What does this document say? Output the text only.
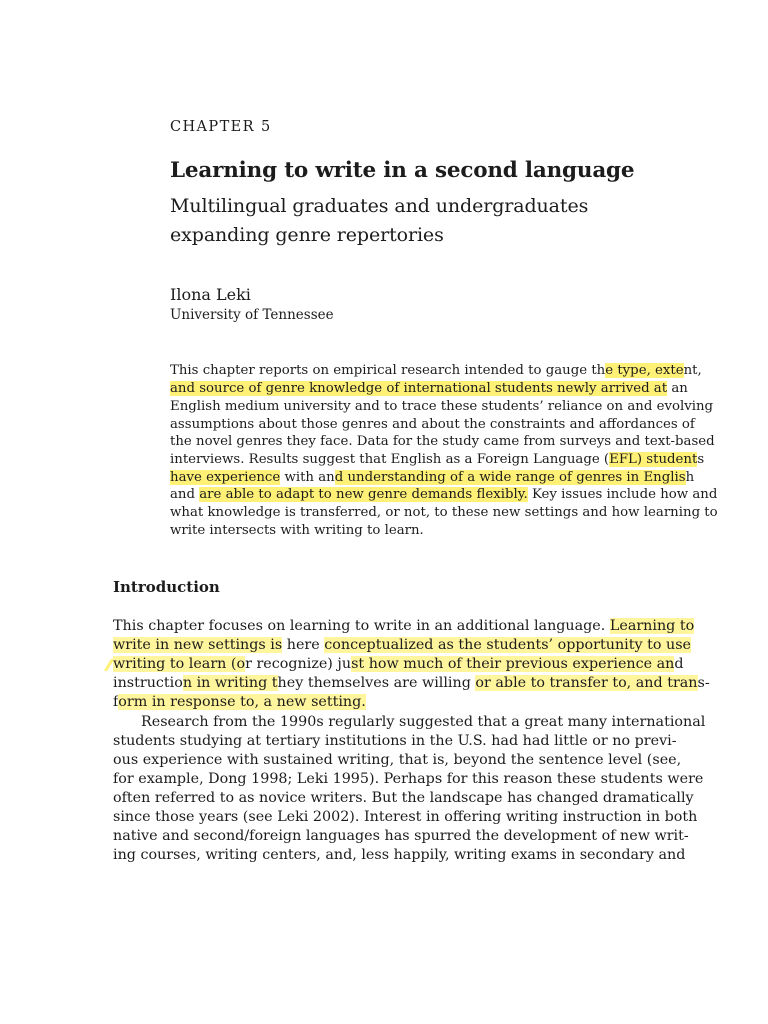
CHAPTER 5
Learning to write in a second language
Multilingual graduates and undergraduates
expanding genre repertories
Ilona Leki
University of Tennessee
This chapter reports on empirical research intended to gauge the type, extent,
and source of genre knowledge of international students newly arrived at an
English medium university and to trace these students’ reliance on and evolving
assumptions about those genres and about the constraints and affordances of
the novel genres they face. Data for the study came from surveys and text-based
interviews. Results suggest that English as a Foreign Language (EFL) students
have experience with and understanding of a wide range of genres in English
and are able to adapt to new genre demands flexibly. Key issues include how and
what knowledge is transferred, or not, to these new settings and how learning to
write intersects with writing to learn.
Introduction
This chapter focuses on learning to write in an additional language. Learning to
write in new settings is here conceptualized as the students’ opportunity to use
writing to learn (or recognize) just how much of their previous experience and
instruction in writing they themselves are willing or able to transfer to, and trans-
form in response to, a new setting.
Research from the 1990s regularly suggested that a great many international
students studying at tertiary institutions in the U.S. had had little or no previ-
ous experience with sustained writing, that is, beyond the sentence level (see,
for example, Dong 1998; Leki 1995). Perhaps for this reason these students were
often referred to as novice writers. But the landscape has changed dramatically
since those years (see Leki 2002). Interest in offering writing instruction in both
native and second/foreign languages has spurred the development of new writ-
ing courses, writing centers, and, less happily, writing exams in secondary and
